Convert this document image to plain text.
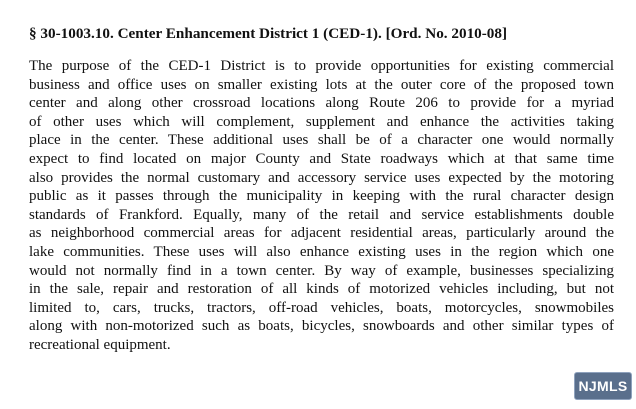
§ 30-1003.10. Center Enhancement District 1 (CED-1). [Ord. No. 2010-08]
The purpose of the CED-1 District is to provide opportunities for existing commercial
business and office uses on smaller existing lots at the outer core of the proposed town
center and along other crossroad locations along Route 206 to provide for a myriad
of other uses which will complement, supplement and enhance the activities taking
place in the center. These additional uses shall be of a character one would normally
expect to find located on major County and State roadways which at that same time
also provides the normal customary and accessory service uses expected by the motoring
public as it passes through the municipality in keeping with the rural character design
standards of Frankford. Equally, many of the retail and service establishments double
as neighborhood commercial areas for adjacent residential areas, particularly around the
lake communities. These uses will also enhance existing uses in the region which one
would not normally find in a town center. By way of example, businesses specializing
in the sale, repair and restoration of all kinds of motorized vehicles including, but not
limited to, cars, trucks, tractors, off-road vehicles, boats, motorcycles, snowmobiles
along with non-motorized such as boats, bicycles, snowboards and other similar types of
recreational equipment.
NJMLS
